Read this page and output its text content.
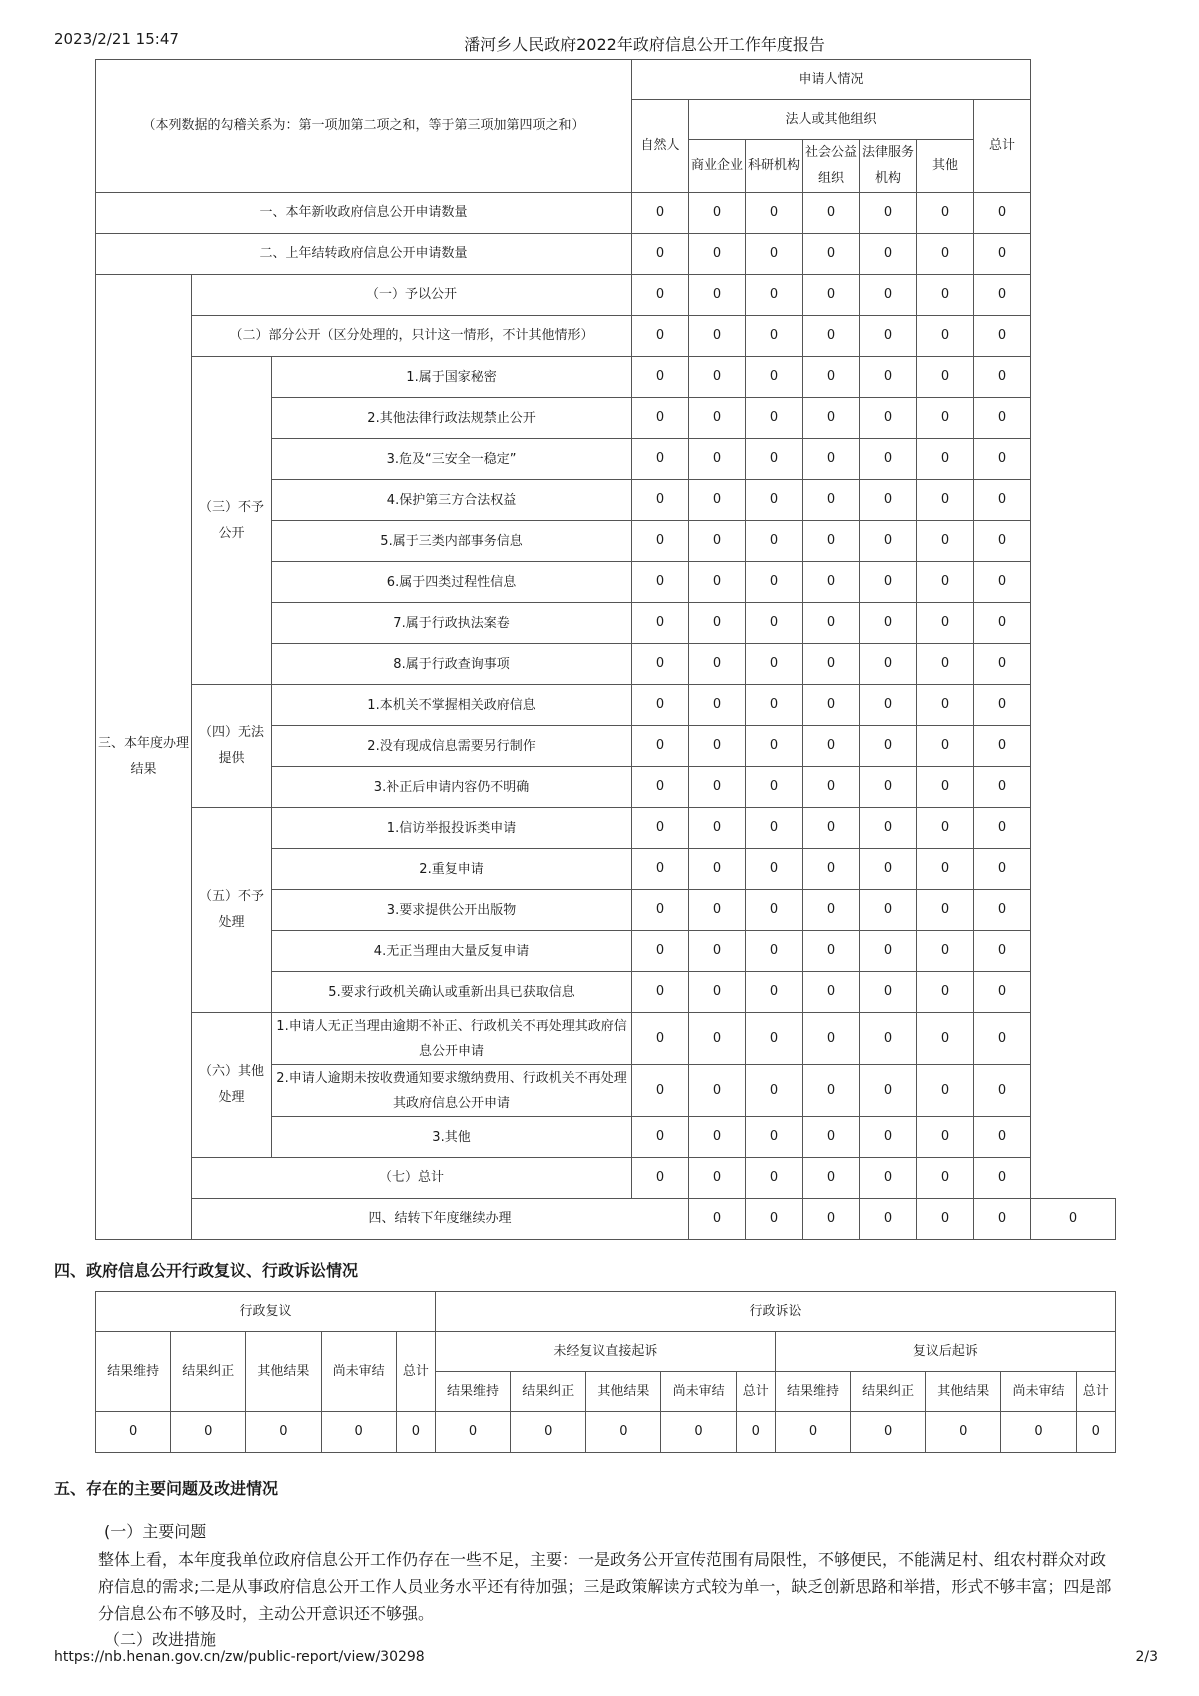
2023/2/21 15:47	潘河乡人民政府2022年政府信息公开工作年度报告
（本列数据的勾稽关系为：第一项加第二项之和，等于第三项加第四项之和）			申请人情况							
			自然人	法人或其他组织					总计	
				商业企业	科研机构	社会公益组织	法律服务机构	其他		
一、本年新收政府信息公开申请数量			0	0	0	0	0	0	0	
二、上年结转政府信息公开申请数量			0	0	0	0	0	0	0	
三、本年度办理结果	（一）予以公开		0	0	0	0	0	0	0	
	（二）部分公开（区分处理的，只计这一情形，不计其他情形）		0	0	0	0	0	0	0	
	（三）不予公开	1.属于国家秘密	0	0	0	0	0	0	0	
		2.其他法律行政法规禁止公开	0	0	0	0	0	0	0	
		3.危及“三安全一稳定”	0	0	0	0	0	0	0	
		4.保护第三方合法权益	0	0	0	0	0	0	0	
		5.属于三类内部事务信息	0	0	0	0	0	0	0	
		6.属于四类过程性信息	0	0	0	0	0	0	0	
		7.属于行政执法案卷	0	0	0	0	0	0	0	
		8.属于行政查询事项	0	0	0	0	0	0	0	
	（四）无法提供	1.本机关不掌握相关政府信息	0	0	0	0	0	0	0	
		2.没有现成信息需要另行制作	0	0	0	0	0	0	0	
		3.补正后申请内容仍不明确	0	0	0	0	0	0	0	
	（五）不予处理	1.信访举报投诉类申请	0	0	0	0	0	0	0	
		2.重复申请	0	0	0	0	0	0	0	
		3.要求提供公开出版物	0	0	0	0	0	0	0	
		4.无正当理由大量反复申请	0	0	0	0	0	0	0	
		5.要求行政机关确认或重新出具已获取信息	0	0	0	0	0	0	0	
	（六）其他处理	1.申请人无正当理由逾期不补正、行政机关不再处理其政府信息公开申请	0	0	0	0	0	0	0	
		2.申请人逾期未按收费通知要求缴纳费用、行政机关不再处理其政府信息公开申请	0	0	0	0	0	0	0	
		3.其他	0	0	0	0	0	0	0	
	（七）总计		0	0	0	0	0	0	0	
	四、结转下年度继续办理			0	0	0	0	0	0	0
四、政府信息公开行政复议、行政诉讼情况
行政复议					行政诉讼									
结果维持	结果纠正	其他结果	尚未审结	总计	未经复议直接起诉					复议后起诉				
					结果维持	结果纠正	其他结果	尚未审结	总计	结果维持	结果纠正	其他结果	尚未审结	总计
0	0	0	0	0	0	0	0	0	0	0	0	0	0	0
五、存在的主要问题及改进情况
(一）主要问题
整体上看，本年度我单位政府信息公开工作仍存在一些不足，主要：一是政务公开宣传范围有局限性，不够便民，不能满足村、组农村群众对政府信息的需求;二是从事政府信息公开工作人员业务水平还有待加强；三是政策解读方式较为单一，缺乏创新思路和举措，形式不够丰富；四是部分信息公布不够及时，主动公开意识还不够强。
（二）改进措施
https://nb.henan.gov.cn/zw/public-report/view/30298	2/3
